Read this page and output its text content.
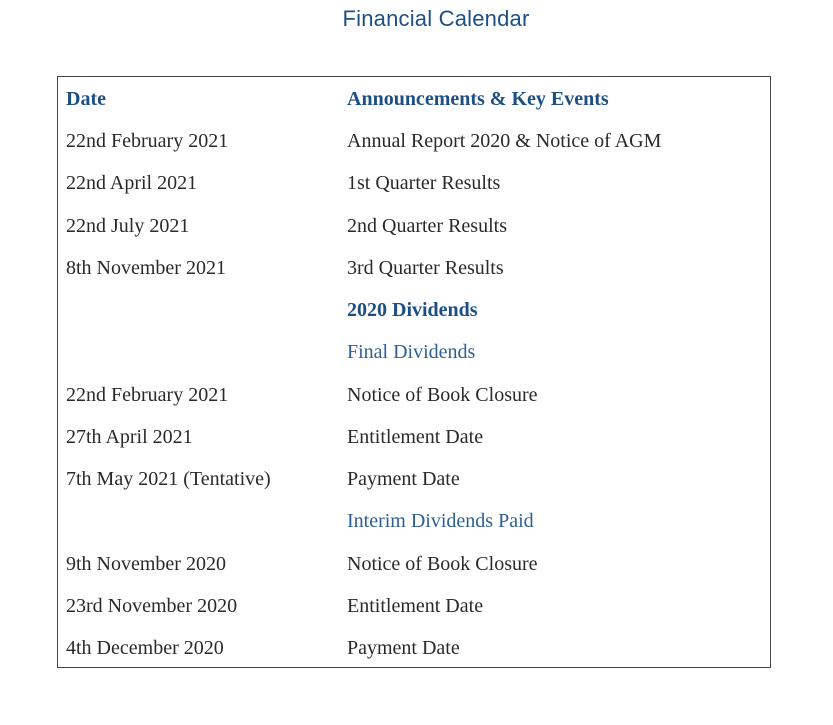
Financial Calendar
Date	Announcements & Key Events
22nd February 2021	Annual Report 2020 & Notice of AGM
22nd April 2021	1st Quarter Results
22nd July 2021	2nd Quarter Results
8th November 2021	3rd Quarter Results
2020 Dividends
Final Dividends
22nd February 2021	Notice of Book Closure
27th April 2021	Entitlement Date
7th May 2021 (Tentative)	Payment Date
Interim Dividends Paid
9th November 2020	Notice of Book Closure
23rd November 2020	Entitlement Date
4th December 2020	Payment Date
